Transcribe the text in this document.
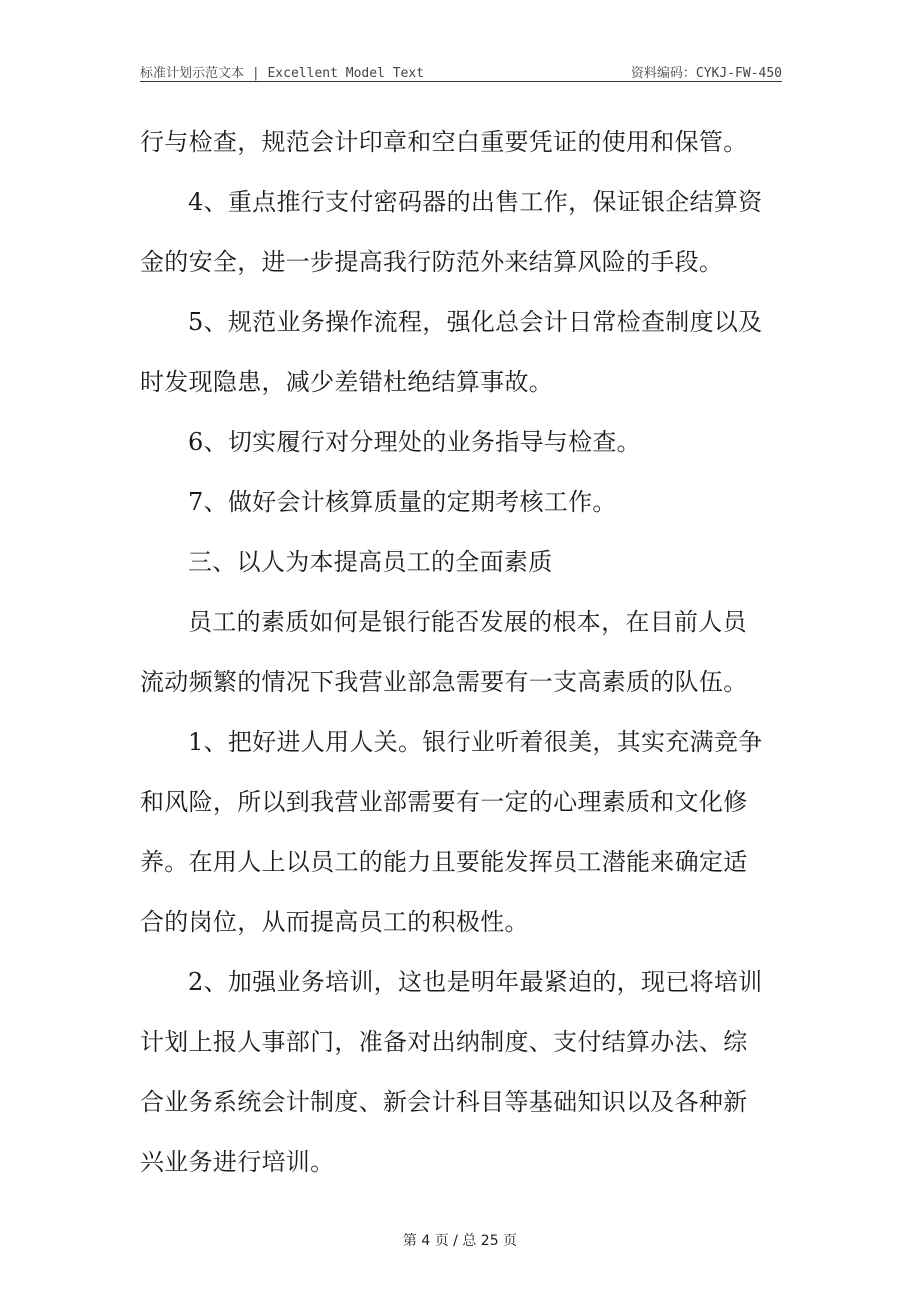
标准计划示范文本 | Excellent Model Text	资料编码：CYKJ-FW-450
行与检查，规范会计印章和空白重要凭证的使用和保管。
4、重点推行支付密码器的出售工作，保证银企结算资
金的安全，进一步提高我行防范外来结算风险的手段。
5、规范业务操作流程，强化总会计日常检查制度以及
时发现隐患，减少差错杜绝结算事故。
6、切实履行对分理处的业务指导与检查。
7、做好会计核算质量的定期考核工作。
三、以人为本提高员工的全面素质
员工的素质如何是银行能否发展的根本，在目前人员
流动频繁的情况下我营业部急需要有一支高素质的队伍。
1、把好进人用人关。银行业听着很美，其实充满竞争
和风险，所以到我营业部需要有一定的心理素质和文化修
养。在用人上以员工的能力且要能发挥员工潜能来确定适
合的岗位，从而提高员工的积极性。
2、加强业务培训，这也是明年最紧迫的，现已将培训
计划上报人事部门，准备对出纳制度、支付结算办法、综
合业务系统会计制度、新会计科目等基础知识以及各种新
兴业务进行培训。
第 4 页 / 总 25 页
